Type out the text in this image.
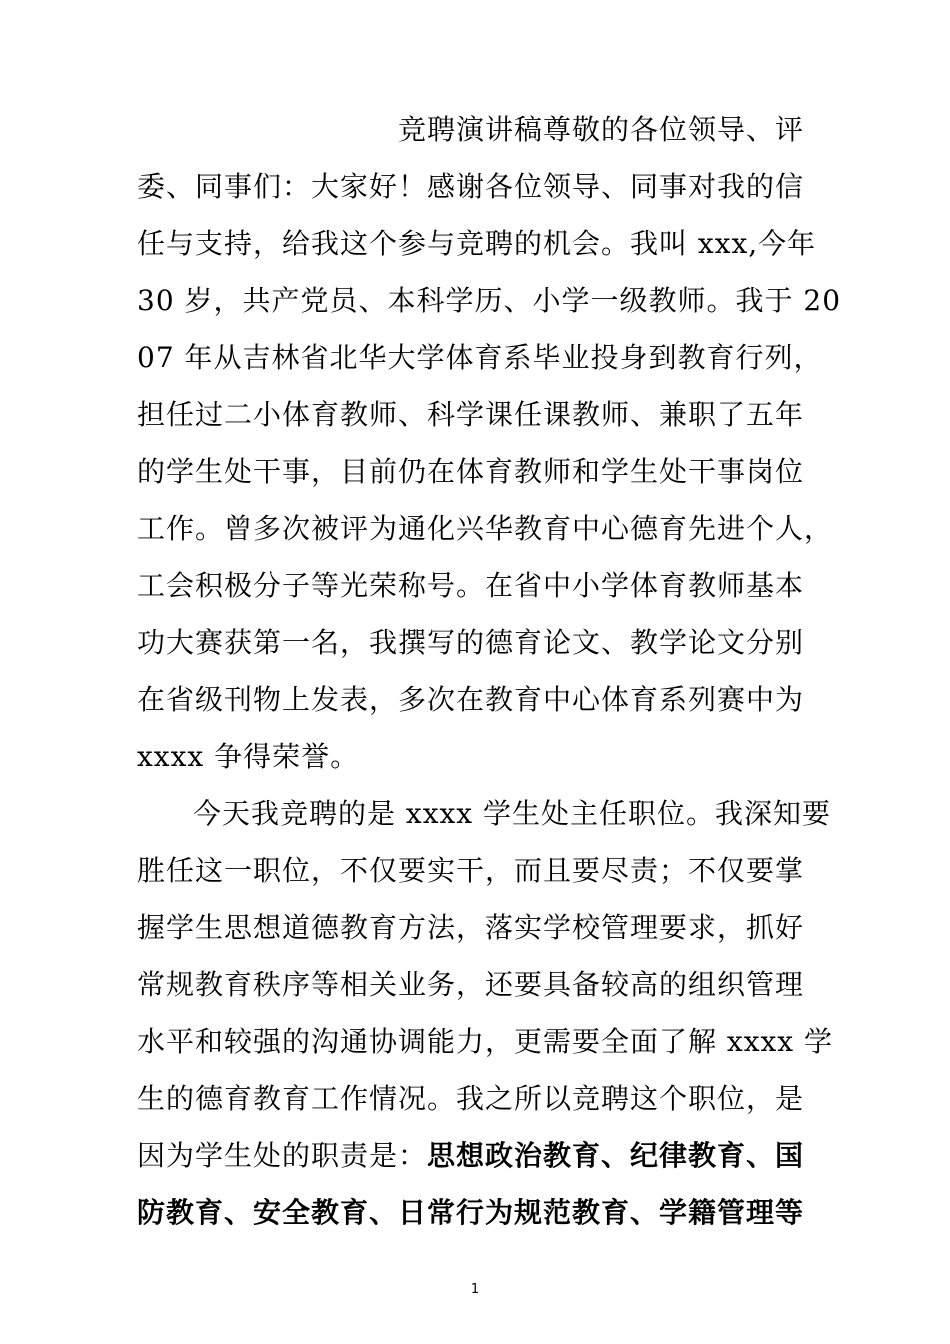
竞聘演讲稿尊敬的各位领导、评
委、同事们：大家好！感谢各位领导、同事对我的信
任与支持，给我这个参与竞聘的机会。我叫 xxx,今年
30 岁，共产党员、本科学历、小学一级教师。我于 20
07 年从吉林省北华大学体育系毕业投身到教育行列，
担任过二小体育教师、科学课任课教师、兼职了五年
的学生处干事，目前仍在体育教师和学生处干事岗位
工作。曾多次被评为通化兴华教育中心德育先进个人，
工会积极分子等光荣称号。在省中小学体育教师基本
功大赛获第一名，我撰写的德育论文、教学论文分别
在省级刊物上发表，多次在教育中心体育系列赛中为
xxxx 争得荣誉。
今天我竞聘的是 xxxx 学生处主任职位。我深知要
胜任这一职位，不仅要实干，而且要尽责；不仅要掌
握学生思想道德教育方法，落实学校管理要求，抓好
常规教育秩序等相关业务，还要具备较高的组织管理
水平和较强的沟通协调能力，更需要全面了解 xxxx 学
生的德育教育工作情况。我之所以竞聘这个职位，是
因为学生处的职责是：思想政治教育、纪律教育、国
防教育、安全教育、日常行为规范教育、学籍管理等
1
